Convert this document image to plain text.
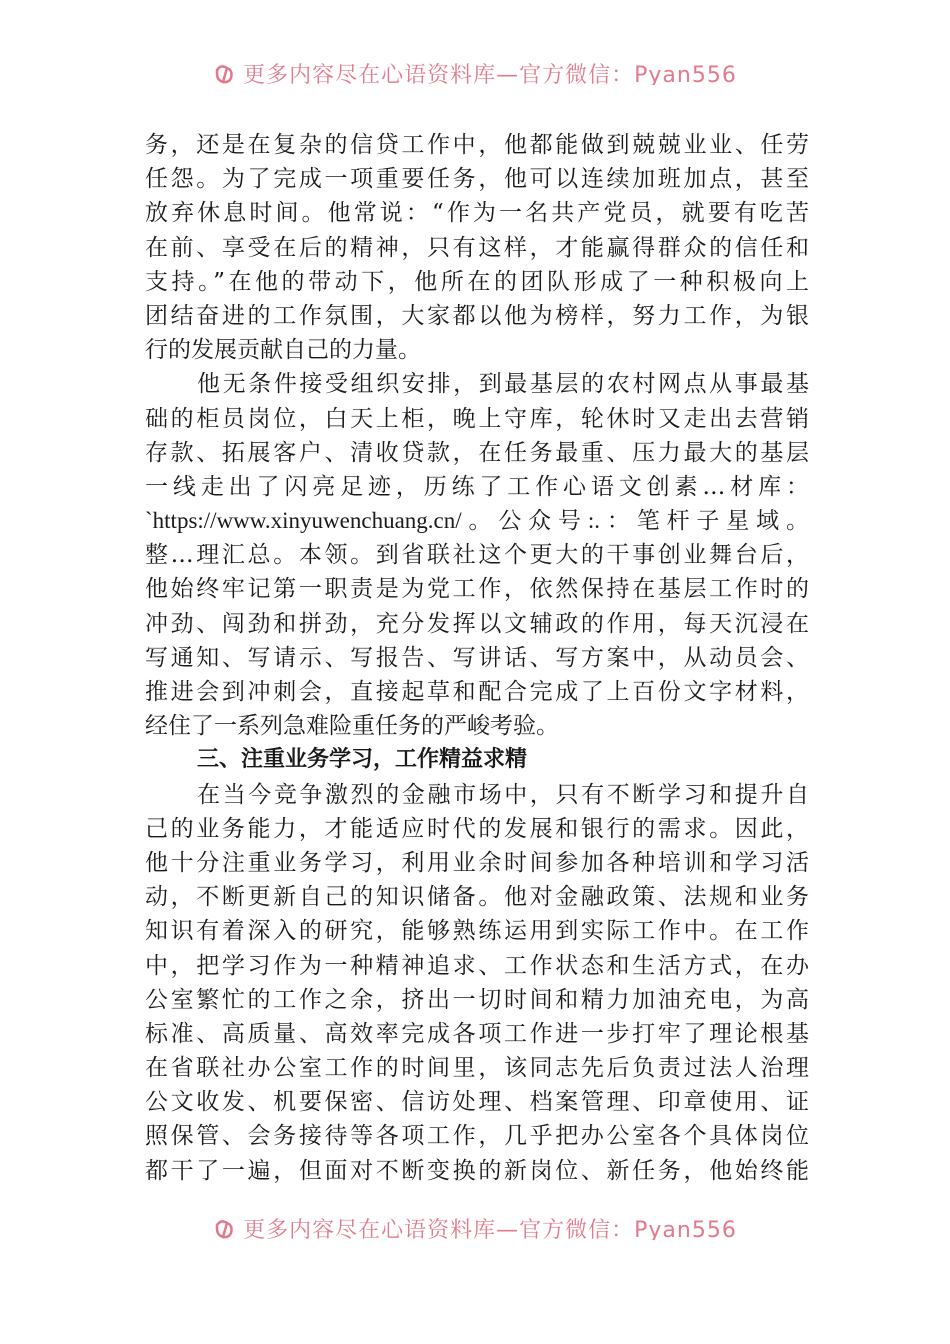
更多内容尽在心语资料库—官方微信：Pyan556
务，还是在复杂的信贷工作中，他都能做到兢兢业业、任劳
任怨。为了完成一项重要任务，他可以连续加班加点，甚至
放弃休息时间。他常说：“作为一名共产党员，就要有吃苦
在前、享受在后的精神，只有这样，才能赢得群众的信任和
支持。”在他的带动下，他所在的团队形成了一种积极向上
团结奋进的工作氛围，大家都以他为榜样，努力工作，为银
行的发展贡献自己的力量。
他无条件接受组织安排，到最基层的农村网点从事最基
础的柜员岗位，白天上柜，晚上守库，轮休时又走出去营销
存款、拓展客户、清收贷款，在任务最重、压力最大的基层
一线走出了闪亮足迹，历练了工作心语文创素…材库：
`https://www.xinyuwenchuang.cn/。公众号:.：笔杆子星域。
整…理汇总。本领。到省联社这个更大的干事创业舞台后，
他始终牢记第一职责是为党工作，依然保持在基层工作时的
冲劲、闯劲和拼劲，充分发挥以文辅政的作用，每天沉浸在
写通知、写请示、写报告、写讲话、写方案中，从动员会、
推进会到冲刺会，直接起草和配合完成了上百份文字材料，
经住了一系列急难险重任务的严峻考验。
三、注重业务学习，工作精益求精
在当今竞争激烈的金融市场中，只有不断学习和提升自
己的业务能力，才能适应时代的发展和银行的需求。因此，
他十分注重业务学习，利用业余时间参加各种培训和学习活
动，不断更新自己的知识储备。他对金融政策、法规和业务
知识有着深入的研究，能够熟练运用到实际工作中。在工作
中，把学习作为一种精神追求、工作状态和生活方式，在办
公室繁忙的工作之余，挤出一切时间和精力加油充电，为高
标准、高质量、高效率完成各项工作进一步打牢了理论根基
在省联社办公室工作的时间里，该同志先后负责过法人治理
公文收发、机要保密、信访处理、档案管理、印章使用、证
照保管、会务接待等各项工作，几乎把办公室各个具体岗位
都干了一遍，但面对不断变换的新岗位、新任务，他始终能
更多内容尽在心语资料库—官方微信：Pyan556
